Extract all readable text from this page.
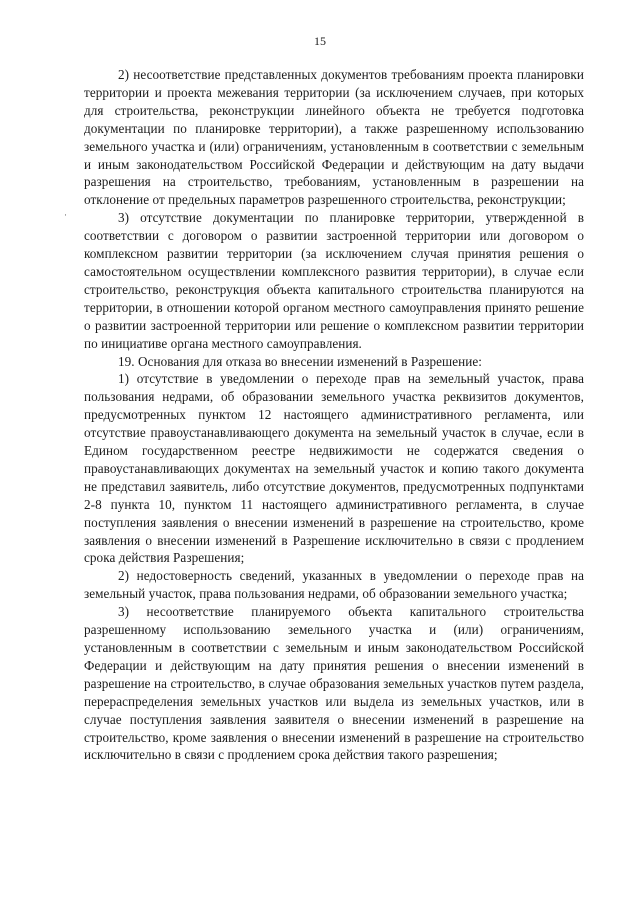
15
·

2) несоответствие представленных документов требованиям проекта планировки территории и проекта межевания территории (за исключением случаев, при которых для строительства, реконструкции линейного объекта не требуется подготовка документации по планировке территории), а также разрешенному использованию земельного участка и (или) ограничениям, установленным в соответствии с земельным и иным законодательством Российской Федерации и действующим на дату выдачи разрешения на строительство, требованиям, установленным в разрешении на отклонение от предельных параметров разрешенного строительства, реконструкции;

3) отсутствие документации по планировке территории, утвержденной в соответствии с договором о развитии застроенной территории или договором о комплексном развитии территории (за исключением случая принятия решения о самостоятельном осуществлении комплексного развития территории), в случае если строительство, реконструкция объекта капитального строительства планируются на территории, в отношении которой органом местного самоуправления принято решение о развитии застроенной территории или решение о комплексном развитии территории по инициативе органа местного самоуправления.

19. Основания для отказа во внесении изменений в Разрешение:

1) отсутствие в уведомлении о переходе прав на земельный участок, права пользования недрами, об образовании земельного участка реквизитов документов, предусмотренных пунктом 12 настоящего административного регламента, или отсутствие правоустанавливающего документа на земельный участок в случае, если в Едином государственном реестре недвижимости не содержатся сведения о правоустанавливающих документах на земельный участок и копию такого документа не представил заявитель, либо отсутствие документов, предусмотренных подпунктами 2-8 пункта 10, пунктом 11 настоящего административного регламента, в случае поступления заявления о внесении изменений в разрешение на строительство, кроме заявления о внесении изменений в Разрешение исключительно в связи с продлением срока действия Разрешения;

2) недостоверность сведений, указанных в уведомлении о переходе прав на земельный участок, права пользования недрами, об образовании земельного участка;

3) несоответствие планируемого объекта капитального строительства разрешенному использованию земельного участка и (или) ограничениям, установленным в соответствии с земельным и иным законодательством Российской Федерации и действующим на дату принятия решения о внесении изменений в разрешение на строительство, в случае образования земельных участков путем раздела, перераспределения земельных участков или выдела из земельных участков, или в случае поступления заявления заявителя о внесении изменений в разрешение на строительство, кроме заявления о внесении изменений в разрешение на строительство исключительно в связи с продлением срока действия такого разрешения;
